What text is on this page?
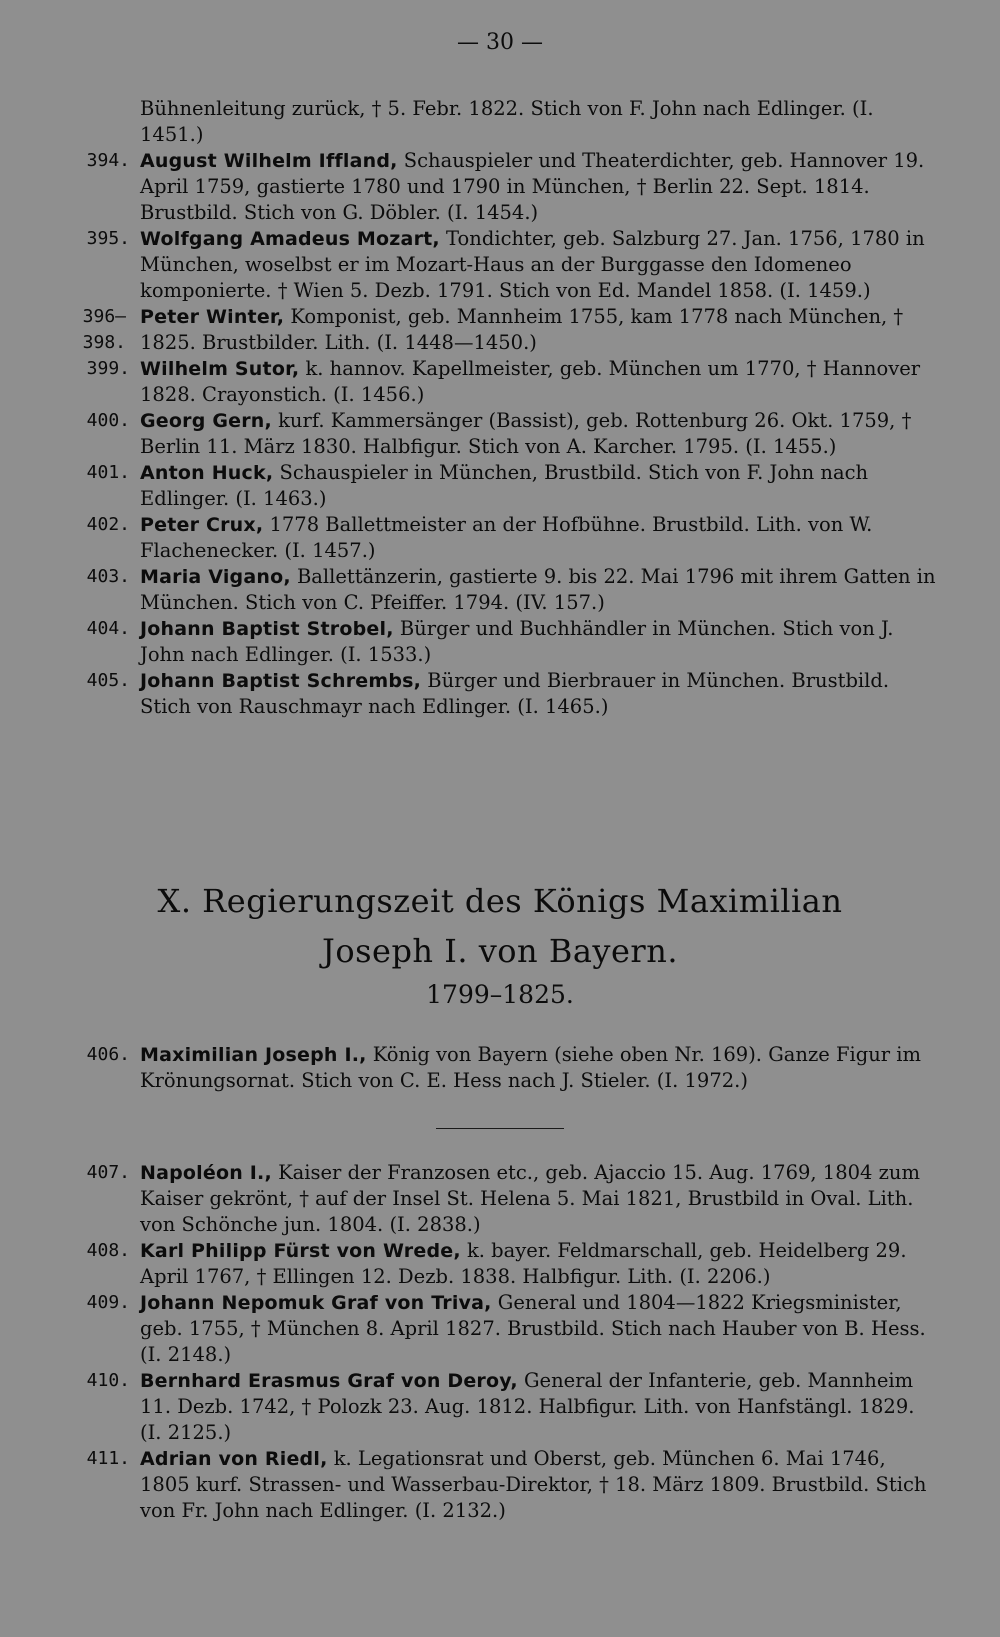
— 30 —
Bühnenleitung zurück, † 5. Febr. 1822. Stich von F. John nach Edlinger. (I. 1451.)
394. August Wilhelm Iffland, Schauspieler und Theaterdichter, geb. Hannover 19. April 1759, gastierte 1780 und 1790 in München, † Berlin 22. Sept. 1814. Brustbild. Stich von G. Döbler. (I. 1454.)
395. Wolfgang Amadeus Mozart, Tondichter, geb. Salzburg 27. Jan. 1756, 1780 in München, woselbst er im Mozart-Haus an der Burggasse den Idomeneo komponierte. † Wien 5. Dezb. 1791. Stich von Ed. Mandel 1858. (I. 1459.)
396—398.
Peter Winter, Komponist, geb. Mannheim 1755, kam 1778 nach München, † 1825. Brustbilder. Lith. (I. 1448—1450.)
399. Wilhelm Sutor, k. hannov. Kapellmeister, geb. München um 1770, † Hannover 1828. Crayonstich. (I. 1456.)
400. Georg Gern, kurf. Kammersänger (Bassist), geb. Rottenburg 26. Okt. 1759, † Berlin 11. März 1830. Halbfigur. Stich von A. Karcher. 1795. (I. 1455.)
401. Anton Huck, Schauspieler in München, Brustbild. Stich von F. John nach Edlinger. (I. 1463.)
402. Peter Crux, 1778 Ballettmeister an der Hofbühne. Brustbild. Lith. von W. Flachenecker. (I. 1457.)
403. Maria Vigano, Ballettänzerin, gastierte 9. bis 22. Mai 1796 mit ihrem Gatten in München. Stich von C. Pfeiffer. 1794. (IV. 157.)
404. Johann Baptist Strobel, Bürger und Buchhändler in München. Stich von J. John nach Edlinger. (I. 1533.)
405. Johann Baptist Schrembs, Bürger und Bierbrauer in München. Brustbild. Stich von Rauschmayr nach Edlinger. (I. 1465.)
X. Regierungszeit des Königs Maximilian
Joseph I. von Bayern.
1799–1825.
406. Maximilian Joseph I., König von Bayern (siehe oben Nr. 169). Ganze Figur im Krönungsornat. Stich von C. E. Hess nach J. Stieler. (I. 1972.)
407. Napoléon I., Kaiser der Franzosen etc., geb. Ajaccio 15. Aug. 1769, 1804 zum Kaiser gekrönt, † auf der Insel St. Helena 5. Mai 1821, Brustbild in Oval. Lith. von Schönche jun. 1804. (I. 2838.)
408. Karl Philipp Fürst von Wrede, k. bayer. Feldmarschall, geb. Heidelberg 29. April 1767, † Ellingen 12. Dezb. 1838. Halbfigur. Lith. (I. 2206.)
409. Johann Nepomuk Graf von Triva, General und 1804—1822 Kriegsminister, geb. 1755, † München 8. April 1827. Brustbild. Stich nach Hauber von B. Hess. (I. 2148.)
410. Bernhard Erasmus Graf von Deroy, General der Infanterie, geb. Mannheim 11. Dezb. 1742, † Polozk 23. Aug. 1812. Halbfigur. Lith. von Hanfstängl. 1829. (I. 2125.)
411. Adrian von Riedl, k. Legationsrat und Oberst, geb. München 6. Mai 1746, 1805 kurf. Strassen- und Wasserbau-Direktor, † 18. März 1809. Brustbild. Stich von Fr. John nach Edlinger. (I. 2132.)
